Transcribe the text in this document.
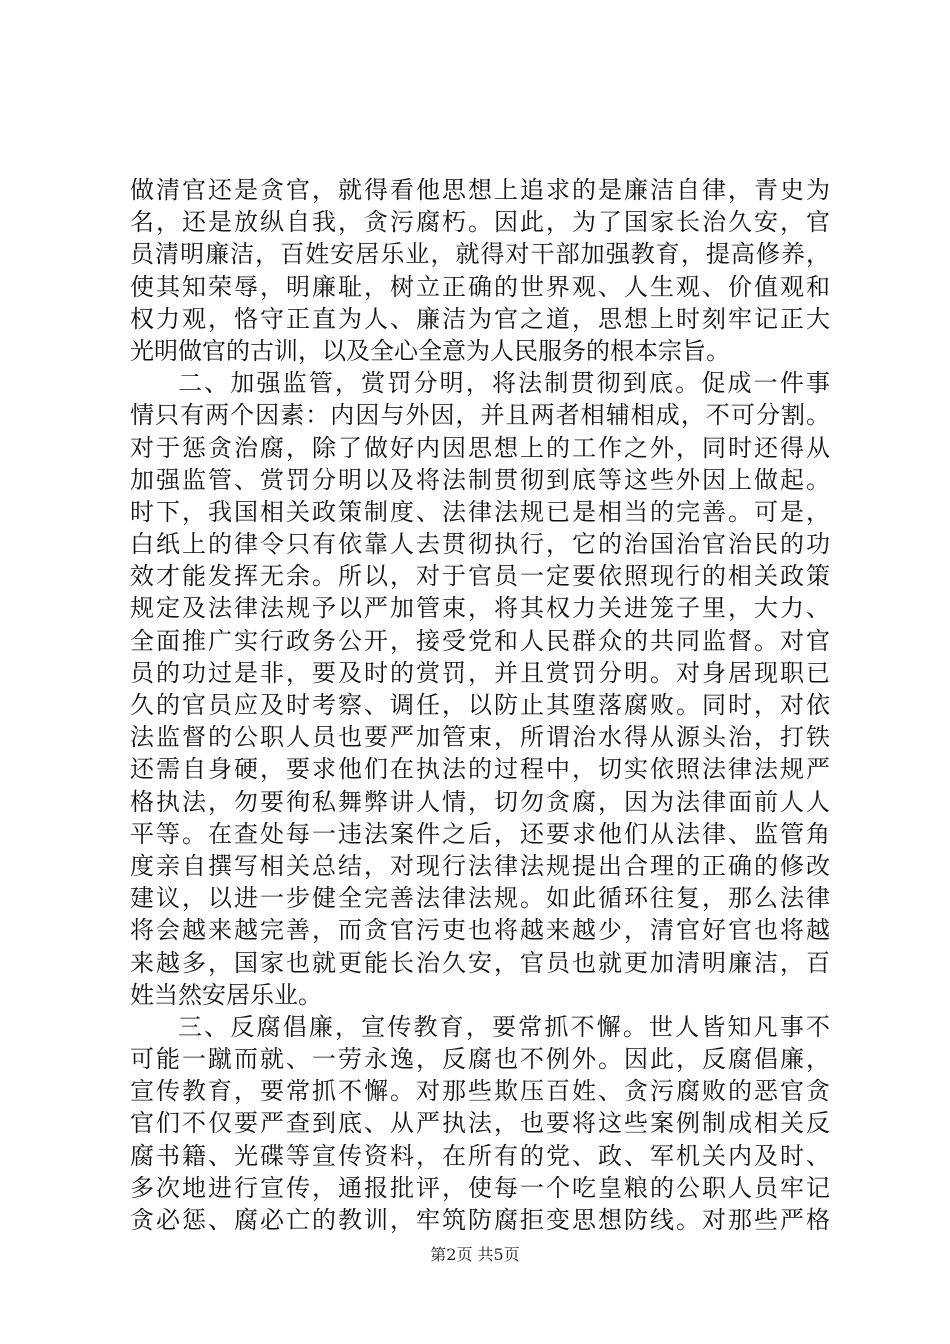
做清官还是贪官，就得看他思想上追求的是廉洁自律，青史为
名，还是放纵自我，贪污腐朽。因此，为了国家长治久安，官
员清明廉洁，百姓安居乐业，就得对干部加强教育，提高修养，
使其知荣辱，明廉耻，树立正确的世界观、人生观、价值观和
权力观，恪守正直为人、廉洁为官之道，思想上时刻牢记正大
光明做官的古训，以及全心全意为人民服务的根本宗旨。
二、加强监管，赏罚分明，将法制贯彻到底。促成一件事
情只有两个因素：内因与外因，并且两者相辅相成，不可分割。
对于惩贪治腐，除了做好内因思想上的工作之外，同时还得从
加强监管、赏罚分明以及将法制贯彻到底等这些外因上做起。
时下，我国相关政策制度、法律法规已是相当的完善。可是，
白纸上的律令只有依靠人去贯彻执行，它的治国治官治民的功
效才能发挥无余。所以，对于官员一定要依照现行的相关政策
规定及法律法规予以严加管束，将其权力关进笼子里，大力、
全面推广实行政务公开，接受党和人民群众的共同监督。对官
员的功过是非，要及时的赏罚，并且赏罚分明。对身居现职已
久的官员应及时考察、调任，以防止其堕落腐败。同时，对依
法监督的公职人员也要严加管束，所谓治水得从源头治，打铁
还需自身硬，要求他们在执法的过程中，切实依照法律法规严
格执法，勿要徇私舞弊讲人情，切勿贪腐，因为法律面前人人
平等。在查处每一违法案件之后，还要求他们从法律、监管角
度亲自撰写相关总结，对现行法律法规提出合理的正确的修改
建议，以进一步健全完善法律法规。如此循环往复，那么法律
将会越来越完善，而贪官污吏也将越来越少，清官好官也将越
来越多，国家也就更能长治久安，官员也就更加清明廉洁，百
姓当然安居乐业。
三、反腐倡廉，宣传教育，要常抓不懈。世人皆知凡事不
可能一蹴而就、一劳永逸，反腐也不例外。因此，反腐倡廉，
宣传教育，要常抓不懈。对那些欺压百姓、贪污腐败的恶官贪
官们不仅要严查到底、从严执法，也要将这些案例制成相关反
腐书籍、光碟等宣传资料，在所有的党、政、军机关内及时、
多次地进行宣传，通报批评，使每一个吃皇粮的公职人员牢记
贪必惩、腐必亡的教训，牢筑防腐拒变思想防线。对那些严格
第2页 共5页
